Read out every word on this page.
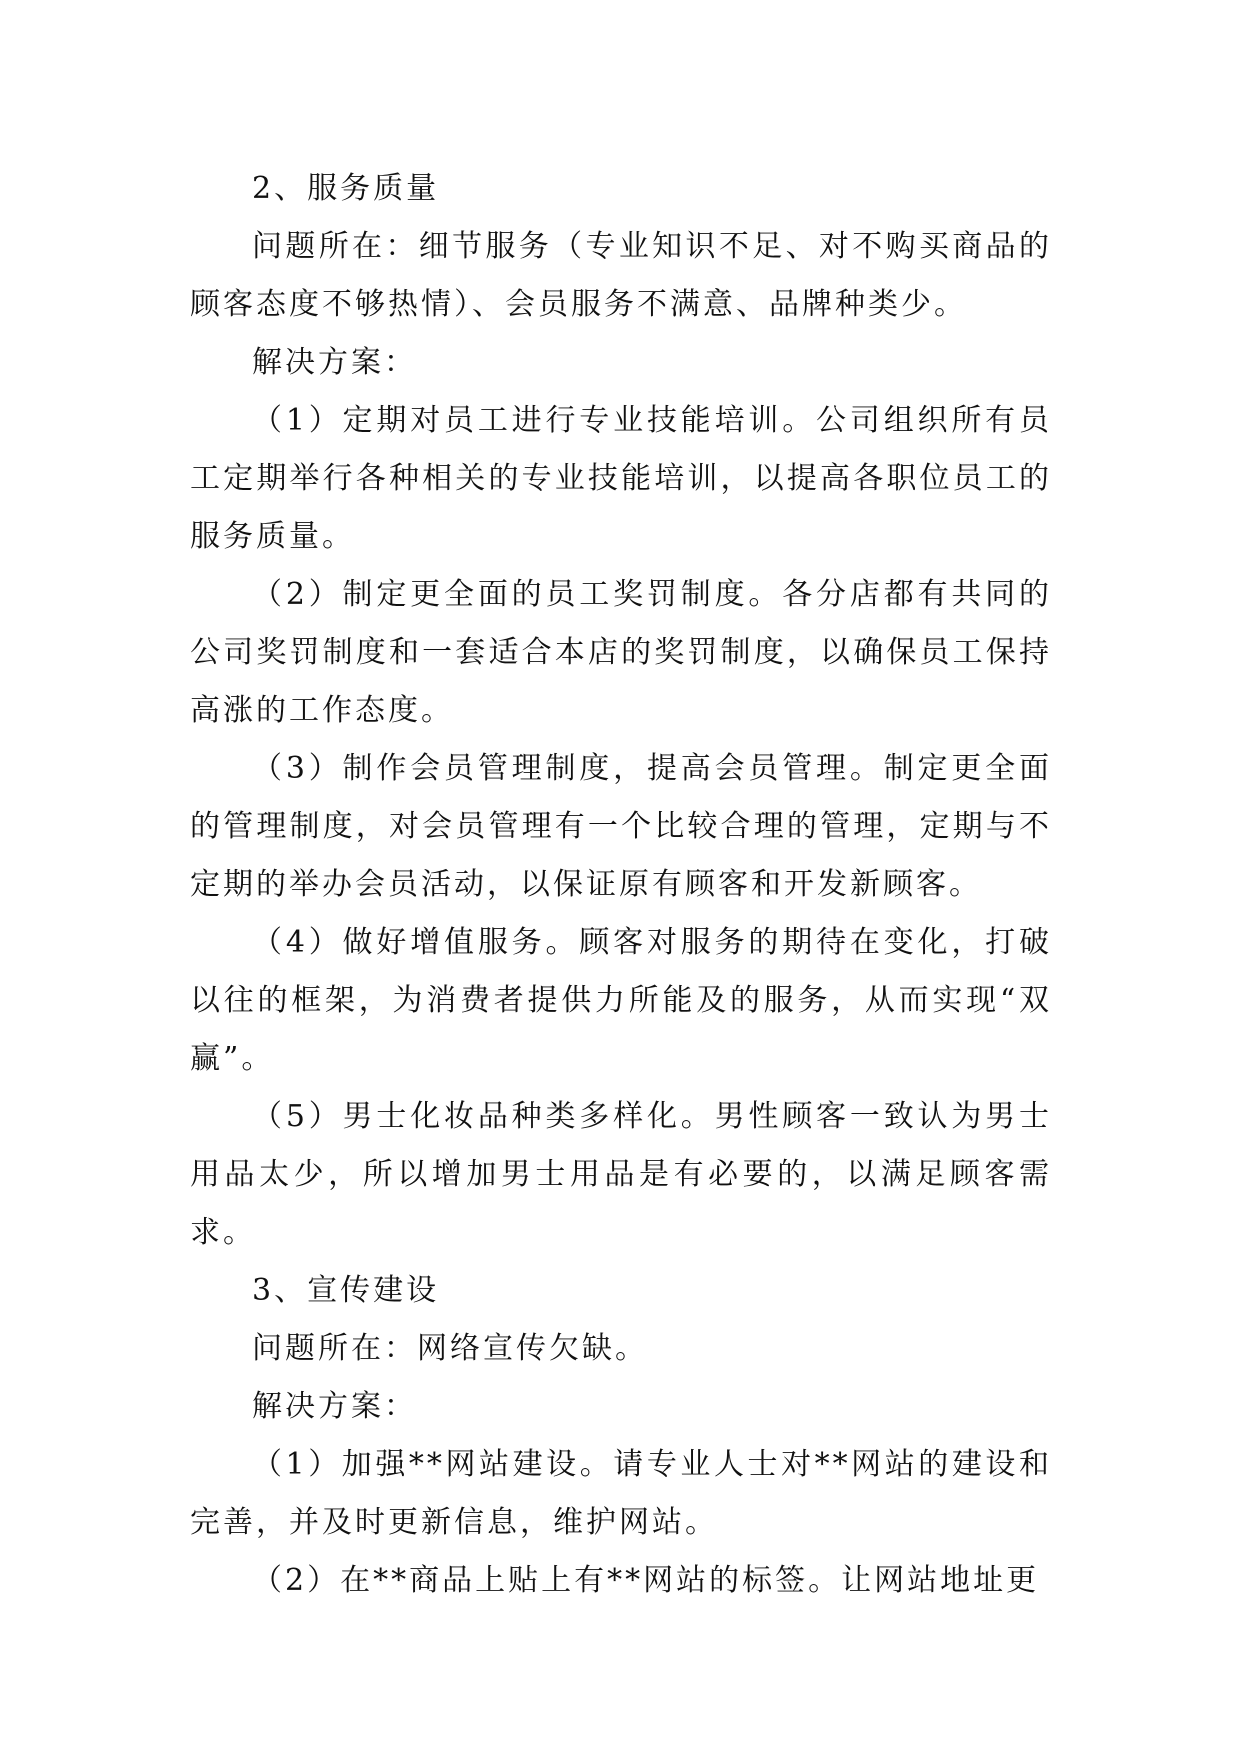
2、服务质量

问题所在：细节服务（专业知识不足、对不购买商品的顾客态度不够热情）、会员服务不满意、品牌种类少。

解决方案：

（1）定期对员工进行专业技能培训。公司组织所有员工定期举行各种相关的专业技能培训，以提高各职位员工的服务质量。

（2）制定更全面的员工奖罚制度。各分店都有共同的公司奖罚制度和一套适合本店的奖罚制度，以确保员工保持高涨的工作态度。

（3）制作会员管理制度，提高会员管理。制定更全面的管理制度，对会员管理有一个比较合理的管理，定期与不定期的举办会员活动，以保证原有顾客和开发新顾客。

（4）做好增值服务。顾客对服务的期待在变化，打破以往的框架，为消费者提供力所能及的服务，从而实现“双赢”。

（5）男士化妆品种类多样化。男性顾客一致认为男士用品太少，所以增加男士用品是有必要的，以满足顾客需求。

3、宣传建设

问题所在：网络宣传欠缺。

解决方案：

（1）加强**网站建设。请专业人士对**网站的建设和完善，并及时更新信息，维护网站。

（2）在**商品上贴上有**网站的标签。让网站地址更
